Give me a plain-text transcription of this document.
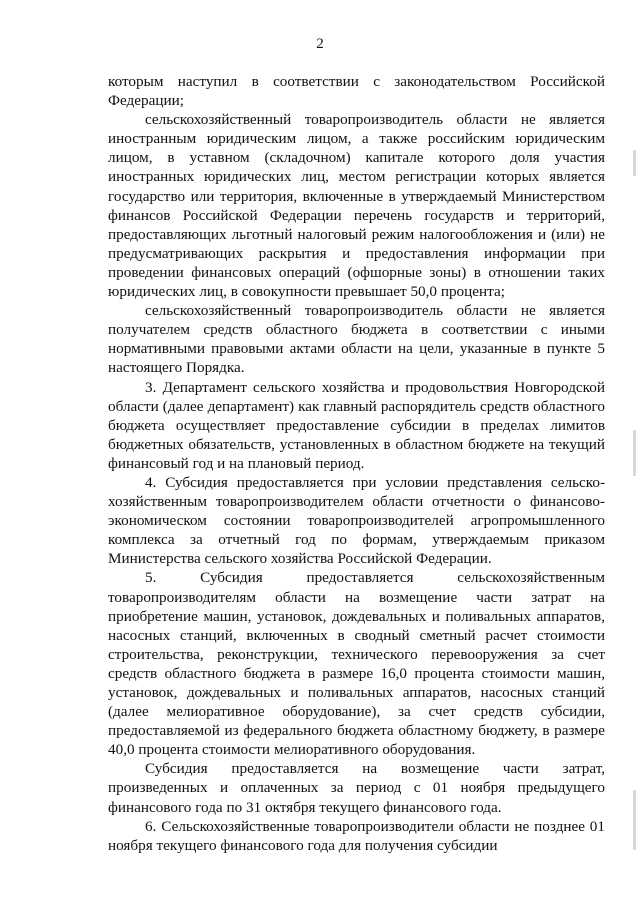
2

которым наступил в соответствии с законодательством Российской Федерации;

сельскохозяйственный товаропроизводитель области не является иностранным юридическим лицом, а также российским юридическим лицом, в уставном (складочном) капитале которого доля участия иностранных юридических лиц, местом регистрации которых является государство или территория, включенные в утверждаемый Министерством финансов Российской Федерации перечень государств и территорий, предоставляющих льготный налоговый режим налогообложения и (или) не предусматривающих раскрытия и предоставления информации при проведении финансовых операций (офшорные зоны) в отношении таких юридических лиц, в совокупности превышает 50,0 процента;

сельскохозяйственный товаропроизводитель области не является получателем средств областного бюджета в соответствии с иными нормативными правовыми актами области на цели, указанные в пункте 5 настоящего Порядка.

3. Департамент сельского хозяйства и продовольствия Новгородской области (далее департамент) как главный распорядитель средств областного бюджета осуществляет предоставление субсидии в пределах лимитов бюджетных обязательств, установленных в областном бюджете на текущий финансовый год и на плановый период.

4. Субсидия предоставляется при условии представления сельско-хозяйственным товаропроизводителем области отчетности о финансово-экономическом состоянии товаропроизводителей агропромышленного комплекса за отчетный год по формам, утверждаемым приказом Министерства сельского хозяйства Российской Федерации.

5. Субсидия предоставляется сельскохозяйственным товаропроизводителям области на возмещение части затрат на приобретение машин, установок, дождевальных и поливальных аппаратов, насосных станций, включенных в сводный сметный расчет стоимости строительства, реконструкции, технического перевооружения за счет средств областного бюджета в размере 16,0 процента стоимости машин, установок, дождевальных и поливальных аппаратов, насосных станций (далее мелиоративное оборудование), за счет средств субсидии, предоставляемой из федерального бюджета областному бюджету, в размере 40,0 процента стоимости мелиоративного оборудования.

Субсидия предоставляется на возмещение части затрат, произведенных и оплаченных за период с 01 ноября предыдущего финансового года по 31 октября текущего финансового года.

6. Сельскохозяйственные товаропроизводители области не позднее 01 ноября текущего финансового года для получения субсидии
